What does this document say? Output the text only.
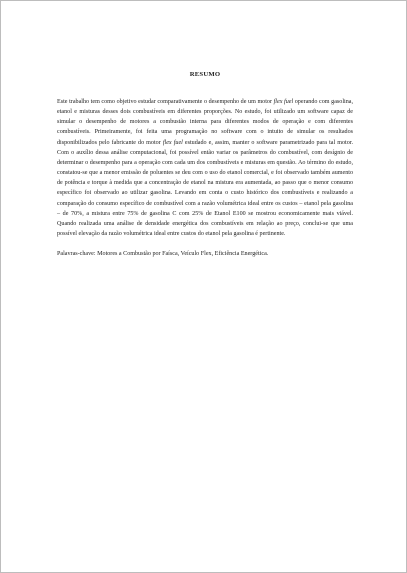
RESUMO

Este trabalho tem como objetivo estudar comparativamente o desempenho de um motor flex fuel operando com gasolina, etanol e misturas desses dois combustíveis em diferentes proporções. No estudo, foi utilizado um software capaz de simular o desempenho de motores a combustão interna para diferentes modos de operação e com diferentes combustíveis. Primeiramente, foi feita uma programação no software com o intuito de simular os resultados disponibilizados pelo fabricante do motor flex fuel estudado e, assim, manter o software parametrizado para tal motor. Com o auxílio dessa análise computacional, foi possível então variar os parâmetros do combustível, com desígnio de determinar o desempenho para a operação com cada um dos combustíveis e misturas em questão. Ao término do estudo, constatou-se que a menor emissão de poluentes se deu com o uso do etanol comercial, e foi observado também aumento de potência e torque à medida que a concentração de etanol na mistura era aumentada, ao passo que o menor consumo específico foi observado ao utilizar gasolina. Levando em conta o custo histórico dos combustíveis e realizando a comparação do consumo específico de combustível com a razão volumétrica ideal entre os custos – etanol pela gasolina – de 70%, a mistura entre 75% de gasolina C com 25% de Etanol E100 se mostrou economicamente mais viável. Quando realizada uma análise de densidade energética dos combustíveis em relação ao preço, conclui-se que uma possível elevação da razão volumétrica ideal entre custos do etanol pela gasolina é pertinente.

Palavras-chave: Motores a Combustão por Faísca, Veículo Flex, Eficiência Energética.
